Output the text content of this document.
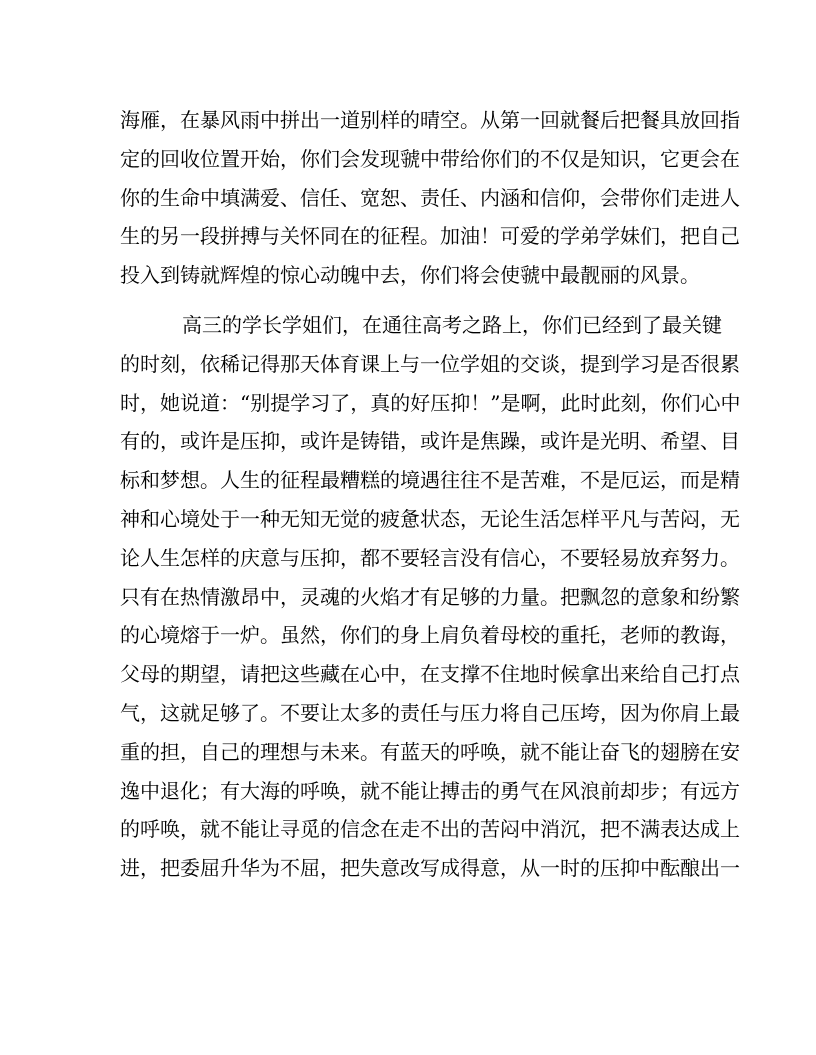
海雁，在暴风雨中拼出一道别样的晴空。从第一回就餐后把餐具放回指
定的回收位置开始，你们会发现虢中带给你们的不仅是知识，它更会在
你的生命中填满爱、信任、宽恕、责任、内涵和信仰，会带你们走进人
生的另一段拼搏与关怀同在的征程。加油！可爱的学弟学妹们，把自己
投入到铸就辉煌的惊心动魄中去，你们将会使虢中最靓丽的风景。
高三的学长学姐们，在通往高考之路上，你们已经到了最关键
的时刻，依稀记得那天体育课上与一位学姐的交谈，提到学习是否很累
时，她说道：“别提学习了，真的好压抑！”是啊，此时此刻，你们心中
有的，或许是压抑，或许是铸错，或许是焦躁，或许是光明、希望、目
标和梦想。人生的征程最糟糕的境遇往往不是苦难，不是厄运，而是精
神和心境处于一种无知无觉的疲惫状态，无论生活怎样平凡与苦闷，无
论人生怎样的庆意与压抑，都不要轻言没有信心，不要轻易放弃努力。
只有在热情激昂中，灵魂的火焰才有足够的力量。把飘忽的意象和纷繁
的心境熔于一炉。虽然，你们的身上肩负着母校的重托，老师的教诲，
父母的期望，请把这些藏在心中，在支撑不住地时候拿出来给自己打点
气，这就足够了。不要让太多的责任与压力将自己压垮，因为你肩上最
重的担，自己的理想与未来。有蓝天的呼唤，就不能让奋飞的翅膀在安
逸中退化；有大海的呼唤，就不能让搏击的勇气在风浪前却步；有远方
的呼唤，就不能让寻觅的信念在走不出的苦闷中消沉，把不满表达成上
进，把委屈升华为不屈，把失意改写成得意，从一时的压抑中酝酿出一
